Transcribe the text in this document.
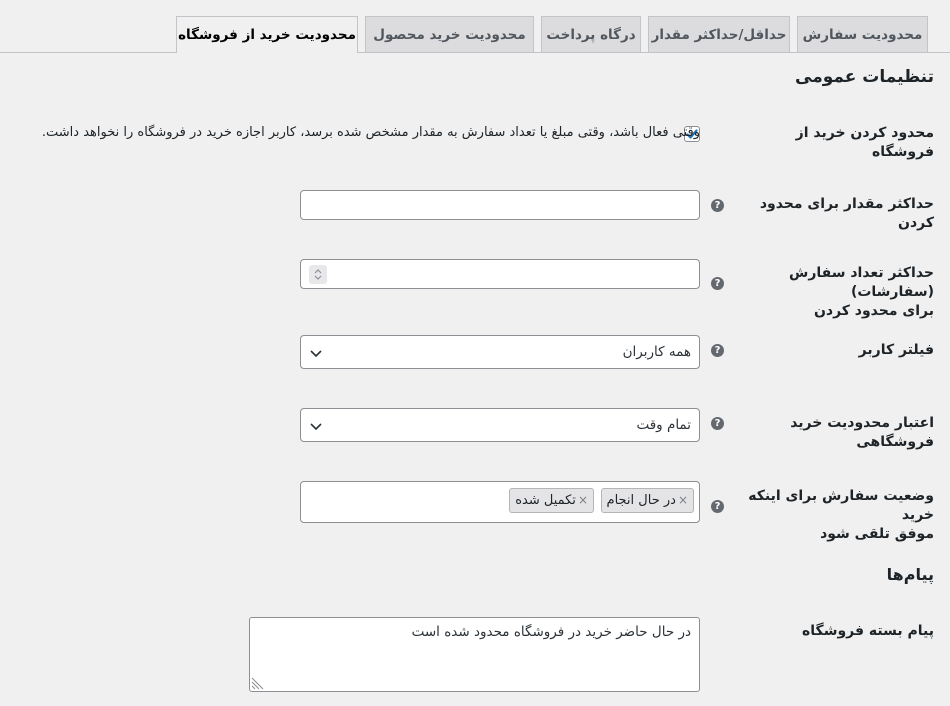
محدودیت سفارش
حداقل/حداکثر مقدار
درگاه پرداخت
محدودیت خرید محصول
محدودیت خرید از فروشگاه
تنظیمات عمومی
محدود کردن خرید از فروشگاه
وقتی فعال باشد، وقتی مبلغ یا تعداد سفارش به مقدار مشخص شده برسد، کاربر اجازه خرید در فروشگاه را نخواهد داشت.
حداکثر مقدار برای محدود کردن
?
حداکثر تعداد سفارش (سفارشات)
برای محدود کردن
?
فیلتر کاربر
?
همه کاربران
اعتبار محدودیت خرید فروشگاهی
?
تمام وقت
وضعیت سفارش برای اینکه خرید
موفق تلقی شود
?
×
در حال انجام
×
تکمیل شده
پیام‌ها
پیام بسته فروشگاه
در حال حاضر خرید در فروشگاه محدود شده است
